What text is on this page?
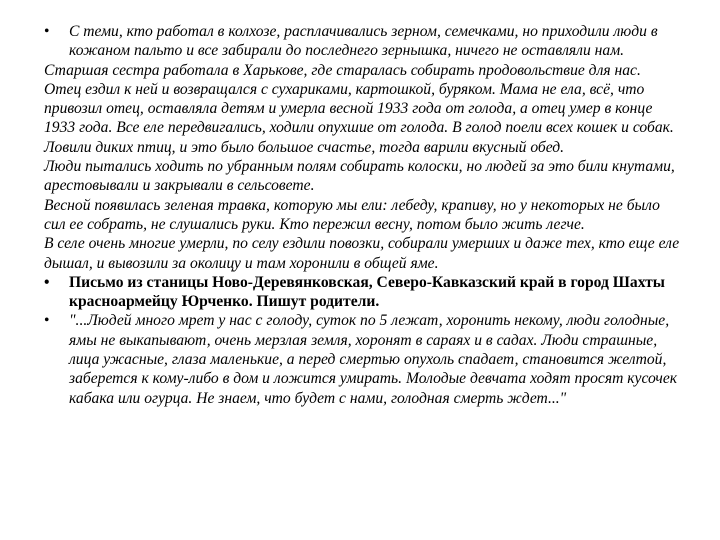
•	С теми, кто работал в колхозе, расплачивались зерном, семечками, но приходили люди в кожаном пальто и все забирали до последнего зернышка, ничего не оставляли нам.

Старшая сестра работала в Харькове, где старалась собирать продовольствие для нас. Отец ездил к ней и возвращался с сухариками, картошкой, буряком. Мама не ела, всё, что привозил отец, оставляла детям и умерла весной 1933 года от голода, а отец умер в конце 1933 года. Все еле передвигались, ходили опухшие от голода. В голод поели всех кошек и собак. Ловили диких птиц, и это было большое счастье, тогда варили вкусный обед.

Люди пытались ходить по убранным полям собирать колоски, но людей за это били кнутами, арестовывали и закрывали в сельсовете.

Весной появилась зеленая травка, которую мы ели: лебеду, крапиву, но у некоторых не было сил ее собрать, не слушались руки. Кто пережил весну, потом было жить легче.

В селе очень многие умерли, по селу ездили повозки, собирали умерших и даже тех, кто еще еле дышал, и вывозили за околицу и там хоронили в общей яме.

•	Письмо из станицы Ново-Деревянковская, Северо-Кавказский край в город Шахты красноармейцу Юрченко. Пишут родители.

•	"...Людей много мрет у нас с голоду, суток по 5 лежат, хоронить некому, люди голодные, ямы не выкапывают, очень мерзлая земля, хоронят в сараях и в садах. Люди страшные, лица ужасные, глаза маленькие, а перед смертью опухоль спадает, становится желтой, заберется к кому-либо в дом и ложится умирать. Молодые девчата ходят просят кусочек кабака или огурца. Не знаем, что будет с нами, голодная смерть ждет..."
